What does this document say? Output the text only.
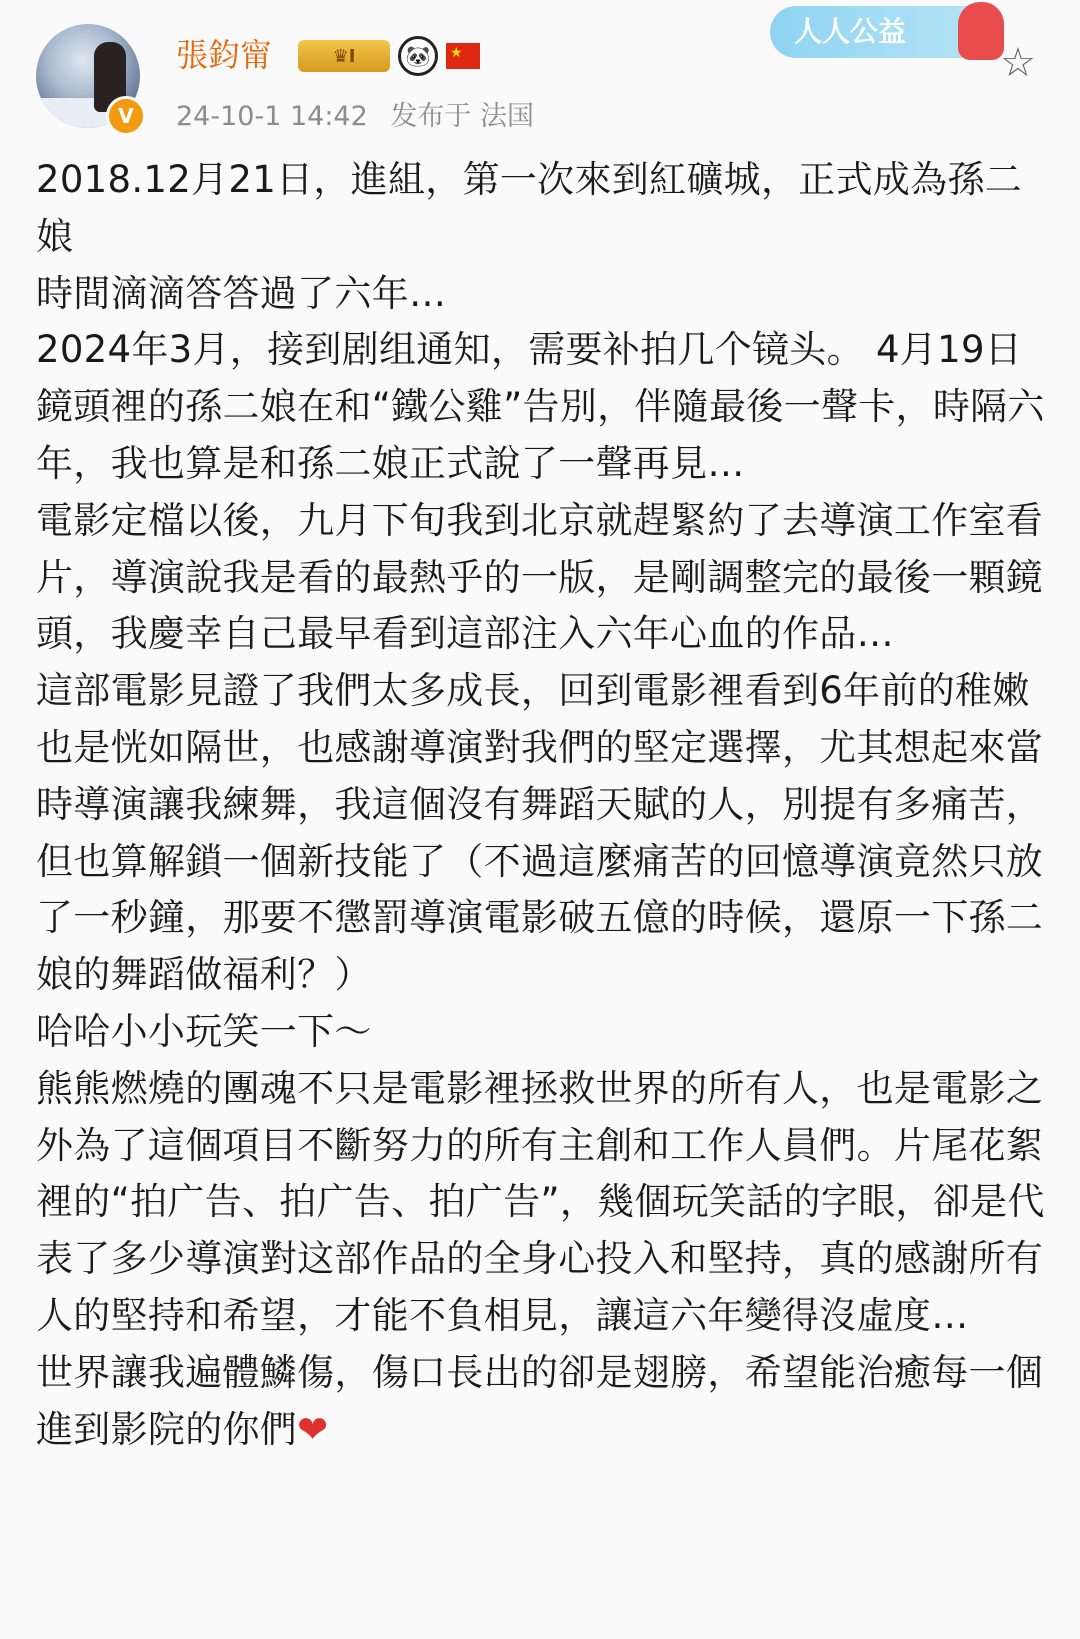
V
張鈞甯	♛ I	🐼	★
24-10-1 14:42 发布于 法国
人人公益
☆

2018.12月21日，進組，第一次來到紅礦城，正式成為孫二娘

時間滴滴答答過了六年…

2024年3月，接到剧组通知，需要补拍几个镜头。 4月19日鏡頭裡的孫二娘在和“鐵公雞”告別，伴隨最後一聲卡，時隔六年，我也算是和孫二娘正式說了一聲再見…

電影定檔以後，九月下旬我到北京就趕緊約了去導演工作室看片，導演說我是看的最熱乎的一版，是剛調整完的最後一顆鏡頭，我慶幸自己最早看到這部注入六年心血的作品…

這部電影見證了我們太多成長，回到電影裡看到6年前的稚嫩也是恍如隔世，也感謝導演對我們的堅定選擇，尤其想起來當時導演讓我練舞，我這個沒有舞蹈天賦的人，別提有多痛苦，但也算解鎖一個新技能了（不過這麼痛苦的回憶導演竟然只放了一秒鐘，那要不懲罰導演電影破五億的時候，還原一下孫二娘的舞蹈做福利？）

哈哈小小玩笑一下～

熊熊燃燒的團魂不只是電影裡拯救世界的所有人，也是電影之外為了這個項目不斷努力的所有主創和工作人員們。片尾花絮裡的“拍广告、拍广告、拍广告”，幾個玩笑話的字眼，卻是代表了多少導演對这部作品的全身心投入和堅持，真的感謝所有人的堅持和希望，才能不負相見，讓這六年變得沒虛度…

世界讓我遍體鱗傷，傷口長出的卻是翅膀，希望能治癒每一個進到影院的你們❤
